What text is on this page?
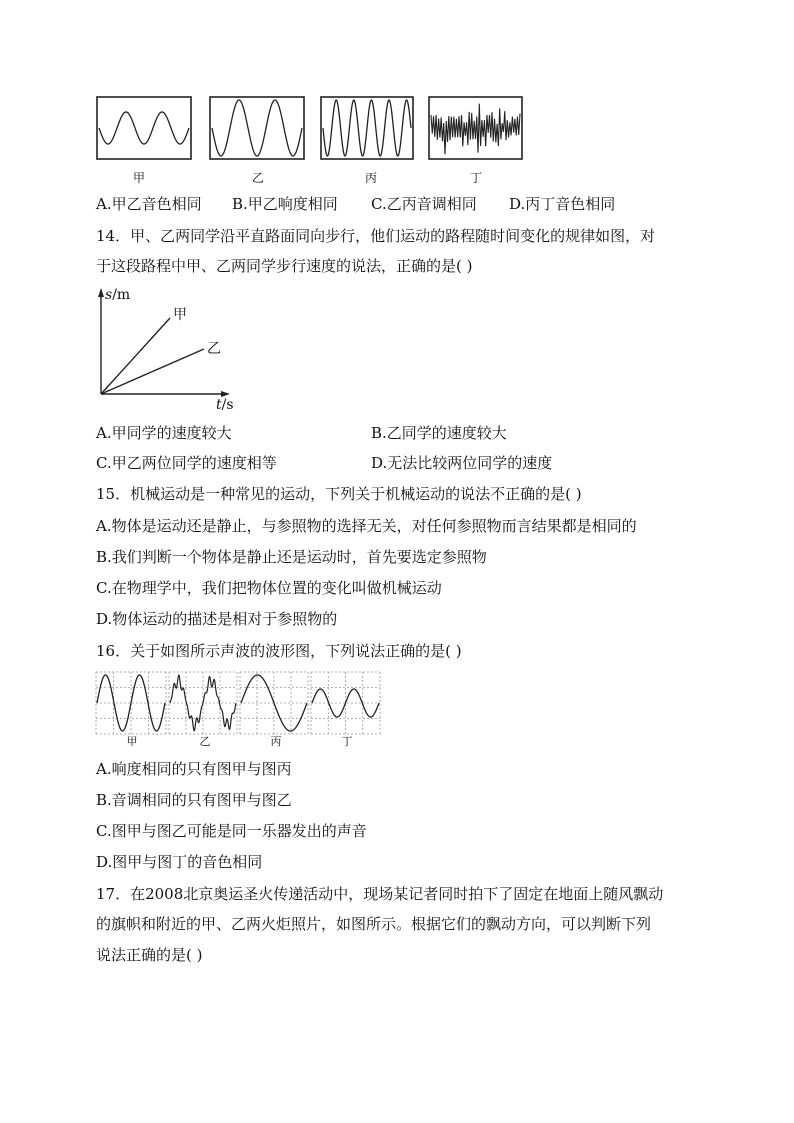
甲	乙	丙	丁
A.甲乙音色相同 B.甲乙响度相同 C.乙丙音调相同 D.丙丁音色相同
14．甲、乙两同学沿平直路面同向步行，他们运动的路程随时间变化的规律如图，对
于这段路程中甲、乙两同学步行速度的说法，正确的是( )
s/m
t/s
甲
乙
A.甲同学的速度较大	B.乙同学的速度较大
C.甲乙两位同学的速度相等	D.无法比较两位同学的速度
15．机械运动是一种常见的运动，下列关于机械运动的说法不正确的是( )
A.物体是运动还是静止，与参照物的选择无关，对任何参照物而言结果都是相同的
B.我们判断一个物体是静止还是运动时，首先要选定参照物
C.在物理学中，我们把物体位置的变化叫做机械运动
D.物体运动的描述是相对于参照物的
16．关于如图所示声波的波形图，下列说法正确的是( )
甲	乙	丙	丁
A.响度相同的只有图甲与图丙
B.音调相同的只有图甲与图乙
C.图甲与图乙可能是同一乐器发出的声音
D.图甲与图丁的音色相同
17．在2008北京奥运圣火传递活动中，现场某记者同时拍下了固定在地面上随风飘动
的旗帜和附近的甲、乙两火炬照片，如图所示。根据它们的飘动方向，可以判断下列
说法正确的是( )
